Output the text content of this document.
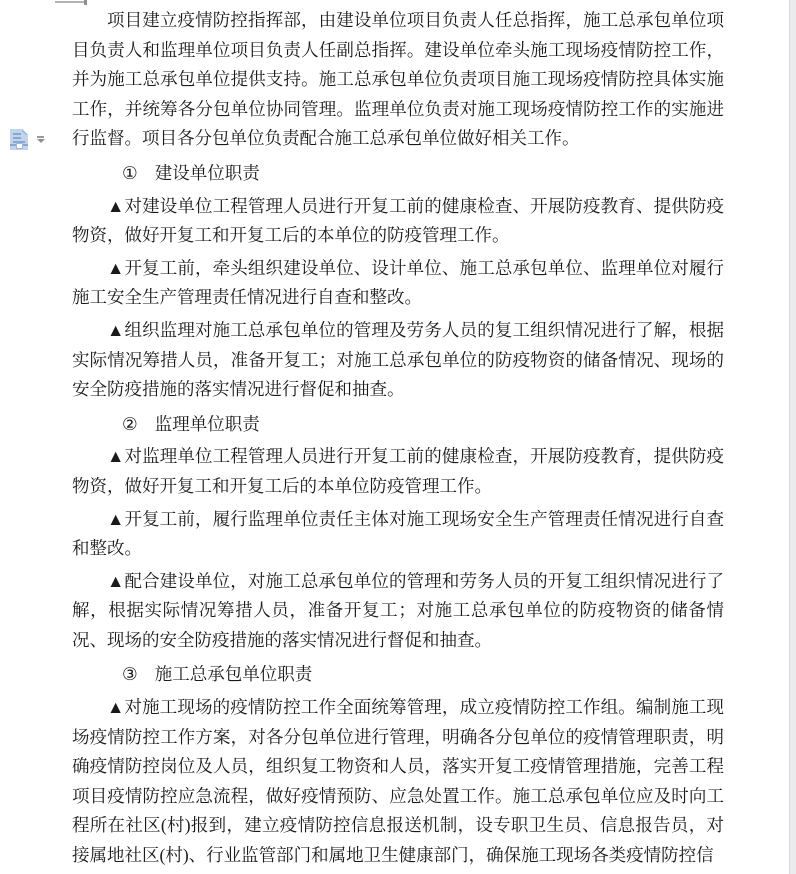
项目建立疫情防控指挥部，由建设单位项目负责人任总指挥，施工总承包单位项目负责人和监理单位项目负责人任副总指挥。建设单位牵头施工现场疫情防控工作，并为施工总承包单位提供支持。施工总承包单位负责项目施工现场疫情防控具体实施工作，并统筹各分包单位协同管理。监理单位负责对施工现场疫情防控工作的实施进行监督。项目各分包单位负责配合施工总承包单位做好相关工作。

① 建设单位职责

▲对建设单位工程管理人员进行开复工前的健康检查、开展防疫教育、提供防疫物资，做好开复工和开复工后的本单位的防疫管理工作。

▲开复工前，牵头组织建设单位、设计单位、施工总承包单位、监理单位对履行施工安全生产管理责任情况进行自查和整改。

▲组织监理对施工总承包单位的管理及劳务人员的复工组织情况进行了解，根据实际情况筹措人员，准备开复工；对施工总承包单位的防疫物资的储备情况、现场的安全防疫措施的落实情况进行督促和抽查。

② 监理单位职责

▲对监理单位工程管理人员进行开复工前的健康检查，开展防疫教育，提供防疫物资，做好开复工和开复工后的本单位防疫管理工作。

▲开复工前，履行监理单位责任主体对施工现场安全生产管理责任情况进行自查和整改。

▲配合建设单位，对施工总承包单位的管理和劳务人员的开复工组织情况进行了解，根据实际情况筹措人员，准备开复工；对施工总承包单位的防疫物资的储备情况、现场的安全防疫措施的落实情况进行督促和抽查。

③ 施工总承包单位职责

▲对施工现场的疫情防控工作全面统筹管理，成立疫情防控工作组。编制施工现场疫情防控工作方案，对各分包单位进行管理，明确各分包单位的疫情管理职责，明确疫情防控岗位及人员，组织复工物资和人员，落实开复工疫情管理措施，完善工程项目疫情防控应急流程，做好疫情预防、应急处置工作。施工总承包单位应及时向工程所在社区(村)报到，建立疫情防控信息报送机制，设专职卫生员、信息报告员，对接属地社区(村)、行业监管部门和属地卫生健康部门，确保施工现场各类疫情防控信
